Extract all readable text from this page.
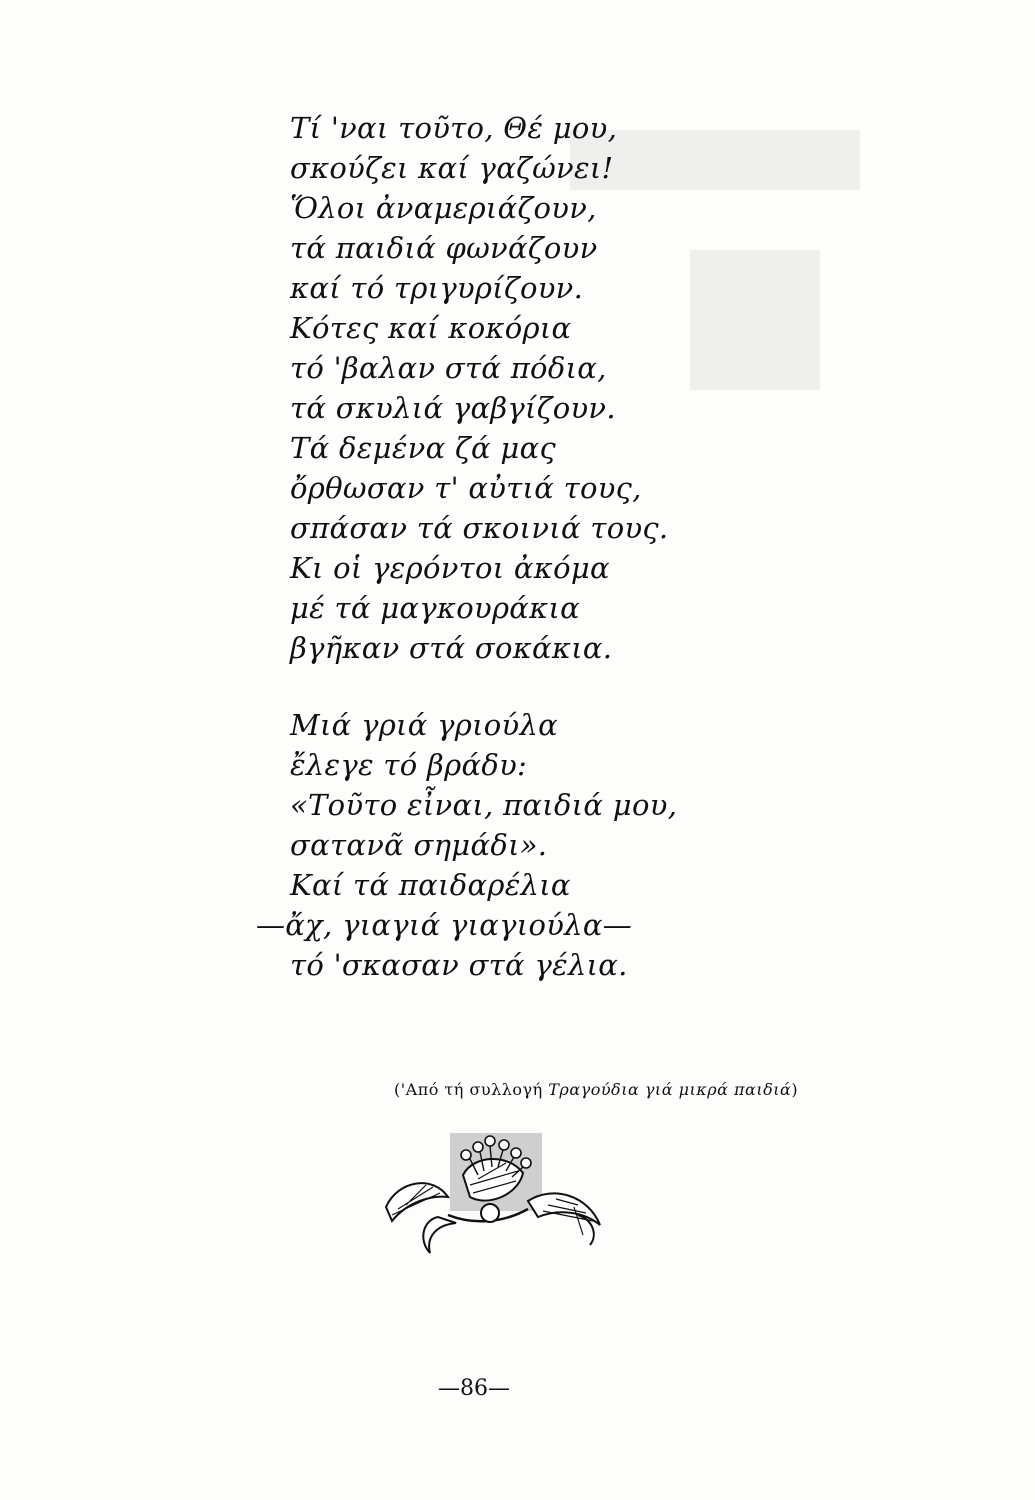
Τί 'ναι τοῦτο, Θέ μου,
σκούζει καί γαζώνει!
Ὅλοι ἀναμεριάζουν,
τά παιδιά φωνάζουν
καί τό τριγυρίζουν.
Κότες καί κοκόρια
τό 'βαλαν στά πόδια,
τά σκυλιά γαβγίζουν.
Τά δεμένα ζά μας
ὄρθωσαν τ' αὐτιά τους,
σπάσαν τά σκοινιά τους.
Κι οἱ γερόντοι ἀκόμα
μέ τά μαγκουράκια
βγῆκαν στά σοκάκια.
Μιά γριά γριούλα
ἔλεγε τό βράδυ:
«Τοῦτο εἶναι, παιδιά μου,
σατανᾶ σημάδι».
Καί τά παιδαρέλια
—ἄχ, γιαγιά γιαγιούλα—
τό 'σκασαν στά γέλια.
('Από τή συλλογή Τραγούδια γιά μικρά παιδιά)
—86—
